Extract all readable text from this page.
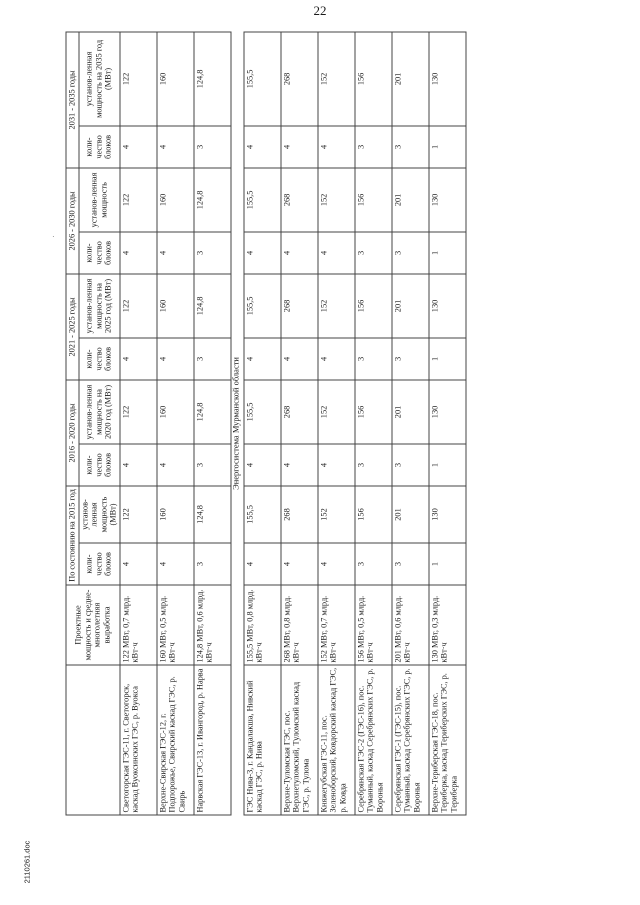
22
·
2110261.doc
	Проектные мощность и средне-многолетняя выработка	По состоянию на 2015 год		2016 - 2020 годы		2021 - 2025 годы		2026 - 2030 годы		2031 - 2035 годы	
		коли-чество блоков	установ-ленная мощность (МВт)	коли-чество блоков	установ-ленная мощность на 2020 год (МВт)	коли-чество блоков	установ-ленная мощность на 2025 год (МВт)	коли-чество блоков	установ-ленная мощность	коли-чество блоков	установ-ленная мощность на 2035 год (МВт)
Светогорская ГЭС-11, г. Светогорск, каскад Вуоксинских ГЭС, р. Вуокса	122 МВт, 0,7 млрд. кВт·ч	4	122	4	122	4	122	4	122	4	122
Верхне-Свирская ГЭС-12, г. Подпорожье, Свирский каскад ГЭС, р. Свирь	160 МВт, 0,5 млрд. кВт·ч	4	160	4	160	4	160	4	160	4	160
Нарвская ГЭС-13, г. Ивангород, р. Нарва	124,8 МВт, 0,6 млрд. кВт·ч	3	124,8	3	124,8	3	124,8	3	124,8	3	124,8
Энергосистема Мурманской области											
ГЭС Нива-3, г. Кандалакша, Нивский каскад ГЭС, р. Нива	155,5 МВт, 0,8 млрд. кВт·ч	4	155,5	4	155,5	4	155,5	4	155,5	4	155,5
Верхне-Туломская ГЭС, пос. Верхнетуломский, Туломский каскад ГЭС, р. Тулома	268 МВт, 0,8 млрд. кВт·ч	4	268	4	268	4	268	4	268	4	268
Княжегубская ГЭС-11, пос. Зеленоборский, Ковдорский каскад ГЭС, р. Ковда	152 МВт, 0,7 млрд. кВт·ч	4	152	4	152	4	152	4	152	4	152
Серебрянская ГЭС-2 (ГЭС-16), пос. Туманный, каскад Серебрянских ГЭС, р. Воронья	156 МВт, 0,5 млрд. кВт·ч	3	156	3	156	3	156	3	156	3	156
Серебрянская ГЭС-1 (ГЭС-15), пос. Туманный, каскад Серебрянских ГЭС, р. Воронья	201 МВт, 0,6 млрд. кВт·ч	3	201	3	201	3	201	3	201	3	201
Верхне-Териберская ГЭС-18, пос. Териберка, каскад Териберских ГЭС, р. Териберка	130 МВт, 0,3 млрд. кВт·ч	1	130	1	130	1	130	1	130	1	130
